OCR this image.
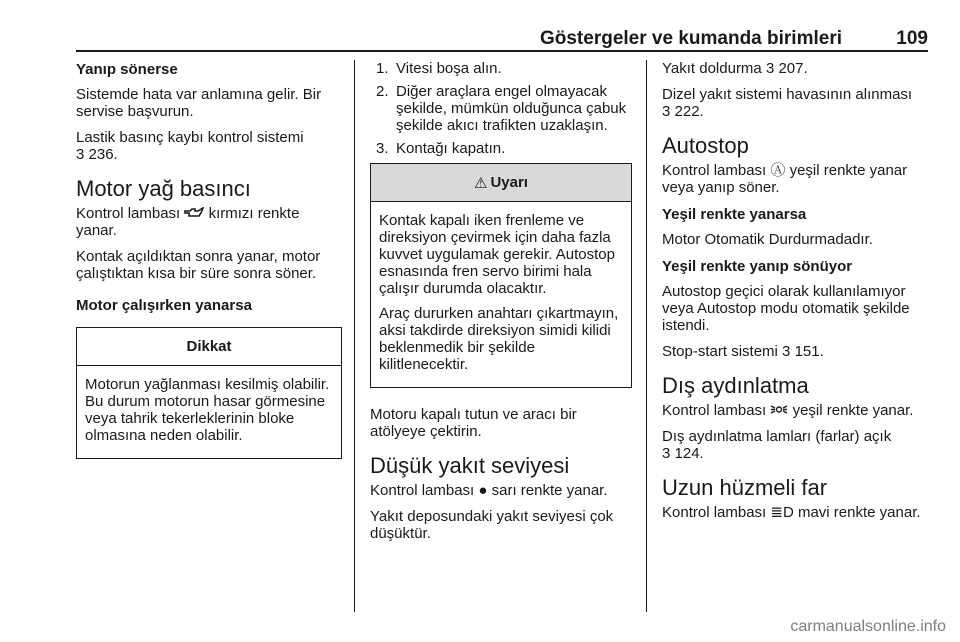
Göstergeler ve kumanda birimleri	109
Yanıp sönerse

Sistemde hata var anlamına gelir. Bir servise başvurun.

Lastik basınç kaybı kontrol sistemi
3 236.

Motor yağ basıncı

Kontrol lambası kırmızı renkte yanar.

Kontak açıldıktan sonra yanar, motor çalıştıktan kısa bir süre sonra söner.

Motor çalışırken yanarsa
Dikkat

Motorun yağlanması kesilmiş olabilir. Bu durum motorun hasar görmesine veya tahrik tekerleklerinin bloke olmasına neden olabilir.

1. Vitesi boşa alın.
2. Diğer araçlara engel olmayacak şekilde, mümkün olduğunca çabuk şekilde akıcı trafikten uzaklaşın.
3. Kontağı kapatın.
⚠ Uyarı

Kontak kapalı iken frenleme ve direksiyon çevirmek için daha fazla kuvvet uygulamak gerekir. Autostop esnasında fren servo birimi hala çalışır durumda olacaktır.

Araç dururken anahtarı çıkartmayın, aksi takdirde direksiyon simidi kilidi beklenmedik bir şekilde kilitlenecektir.

Motoru kapalı tutun ve aracı bir atölyeye çektirin.

Düşük yakıt seviyesi

Kontrol lambası ● sarı renkte yanar.

Yakıt deposundaki yakıt seviyesi çok düşüktür.

Yakıt doldurma 3 207.

Dizel yakıt sistemi havasının alınması
3 222.

Autostop

Kontrol lambası Ⓐ yeşil renkte yanar veya yanıp söner.

Yeşil renkte yanarsa

Motor Otomatik Durdurmadadır.

Yeşil renkte yanıp sönüyor

Autostop geçici olarak kullanılamıyor veya Autostop modu otomatik şekilde istendi.

Stop-start sistemi 3 151.

Dış aydınlatma

Kontrol lambası yeşil renkte yanar.

Dış aydınlatma lamları (farlar) açık
3 124.

Uzun hüzmeli far

Kontrol lambası ≣D mavi renkte yanar.

carmanualsonline.info
